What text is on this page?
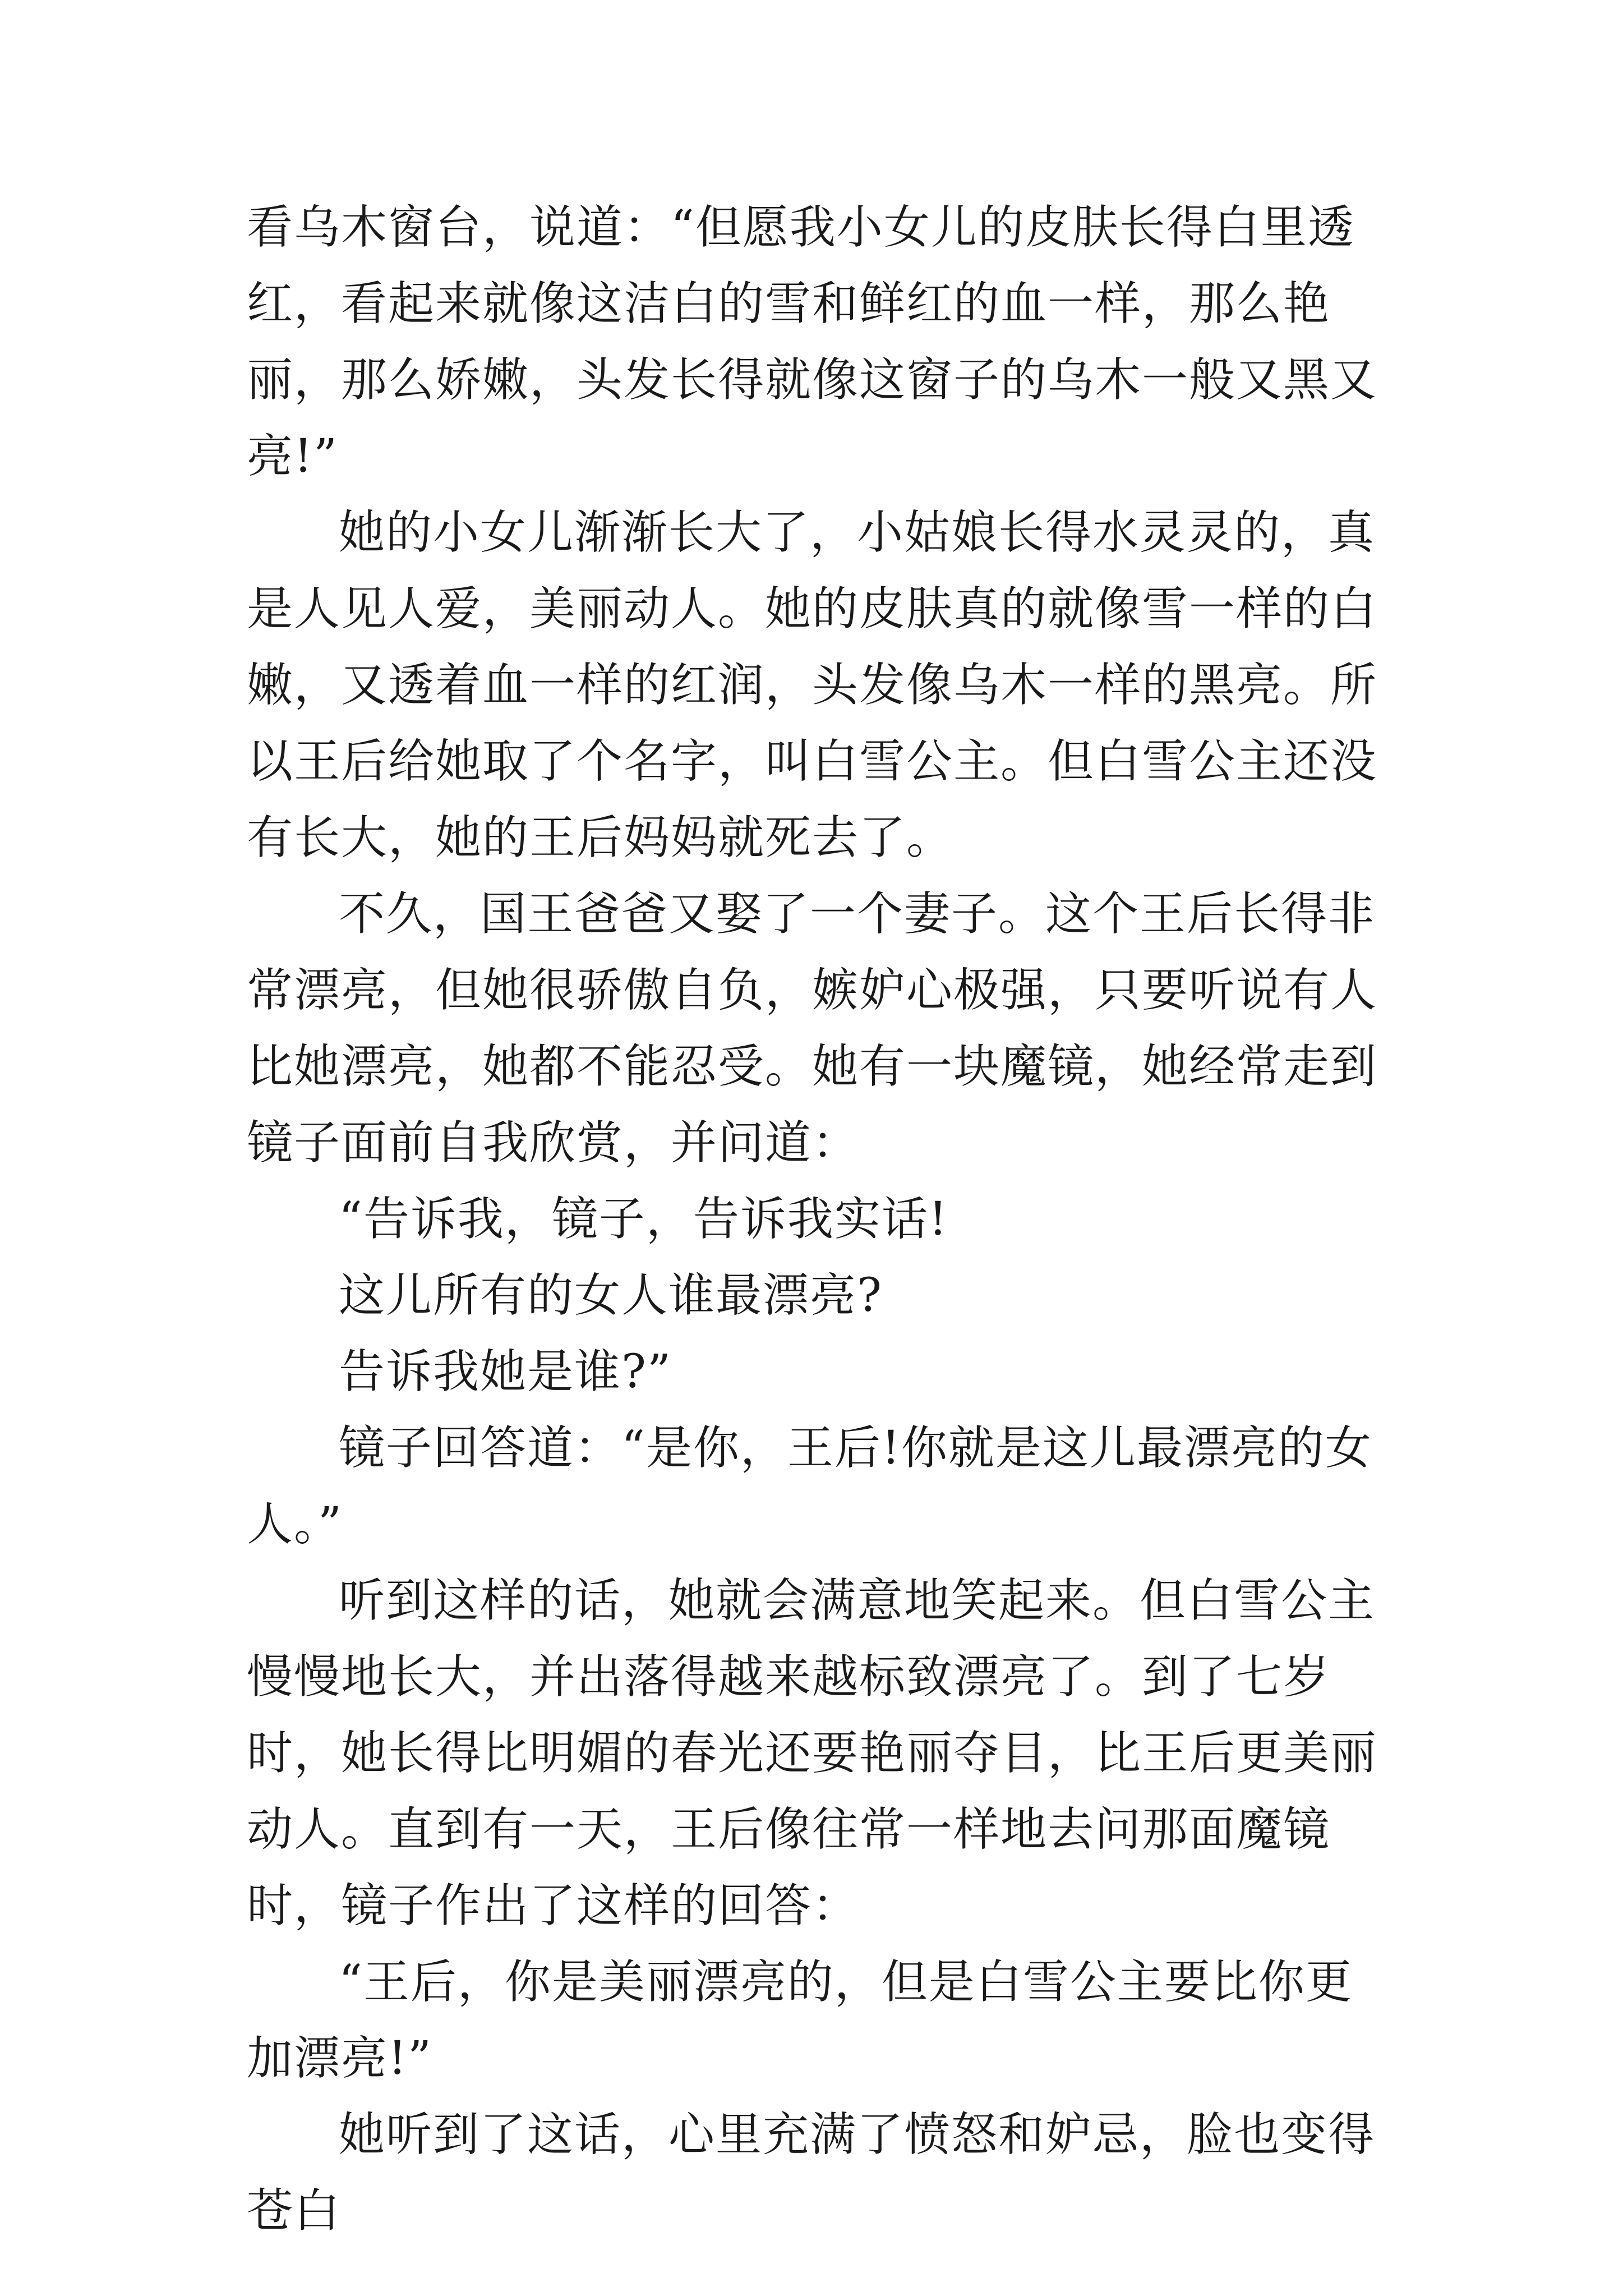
看乌木窗台，说道：“但愿我小女儿的皮肤长得白里透红，看起来就像这洁白的雪和鲜红的血一样，那么艳丽，那么娇嫩，头发长得就像这窗子的乌木一般又黑又亮!”

她的小女儿渐渐长大了，小姑娘长得水灵灵的，真是人见人爱，美丽动人。她的皮肤真的就像雪一样的白嫩，又透着血一样的红润，头发像乌木一样的黑亮。所以王后给她取了个名字，叫白雪公主。但白雪公主还没有长大，她的王后妈妈就死去了。

不久，国王爸爸又娶了一个妻子。这个王后长得非常漂亮，但她很骄傲自负，嫉妒心极强，只要听说有人比她漂亮，她都不能忍受。她有一块魔镜，她经常走到镜子面前自我欣赏，并问道：

“告诉我，镜子，告诉我实话!

这儿所有的女人谁最漂亮?

告诉我她是谁?”

镜子回答道：“是你，王后!你就是这儿最漂亮的女人。”

听到这样的话，她就会满意地笑起来。但白雪公主慢慢地长大，并出落得越来越标致漂亮了。到了七岁时，她长得比明媚的春光还要艳丽夺目，比王后更美丽动人。直到有一天，王后像往常一样地去问那面魔镜时，镜子作出了这样的回答：

“王后，你是美丽漂亮的，但是白雪公主要比你更加漂亮!”

她听到了这话，心里充满了愤怒和妒忌，脸也变得苍白
